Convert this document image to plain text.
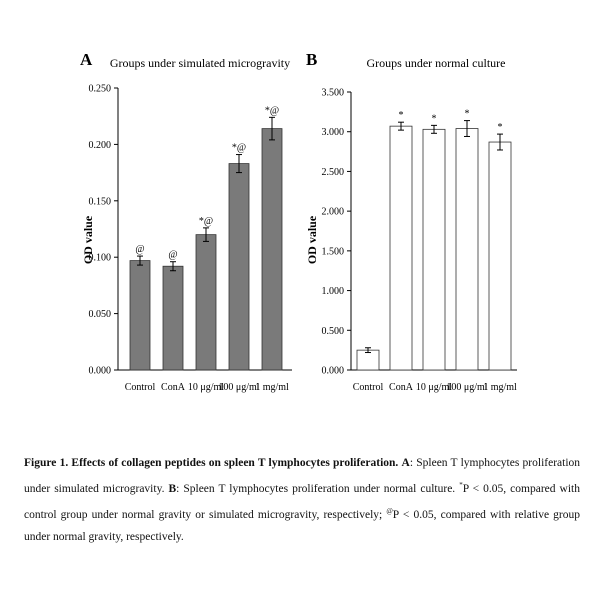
A Groups under simulated microgravity
OD value
0.000
0.050
0.100
0.150
0.200
0.250
@
Control
@
ConA
*@
10 μg/ml
*@
100 μg/ml
*@
1 mg/ml
B	Groups under normal culture
OD value
0.000
0.500
1.000
1.500
2.000
2.500
3.000
3.500
Control
*
ConA
*
10 μg/ml
*
100 μg/ml
*
1 mg/ml
Figure 1. Effects of collagen peptides on spleen T lymphocytes proliferation. A: Spleen T lymphocytes proliferation under simulated microgravity. B: Spleen T lymphocytes proliferation under normal culture. *P < 0.05, compared with control group under normal gravity or simulated microgravity, respectively; @P < 0.05, compared with relative group under normal gravity, respectively.
